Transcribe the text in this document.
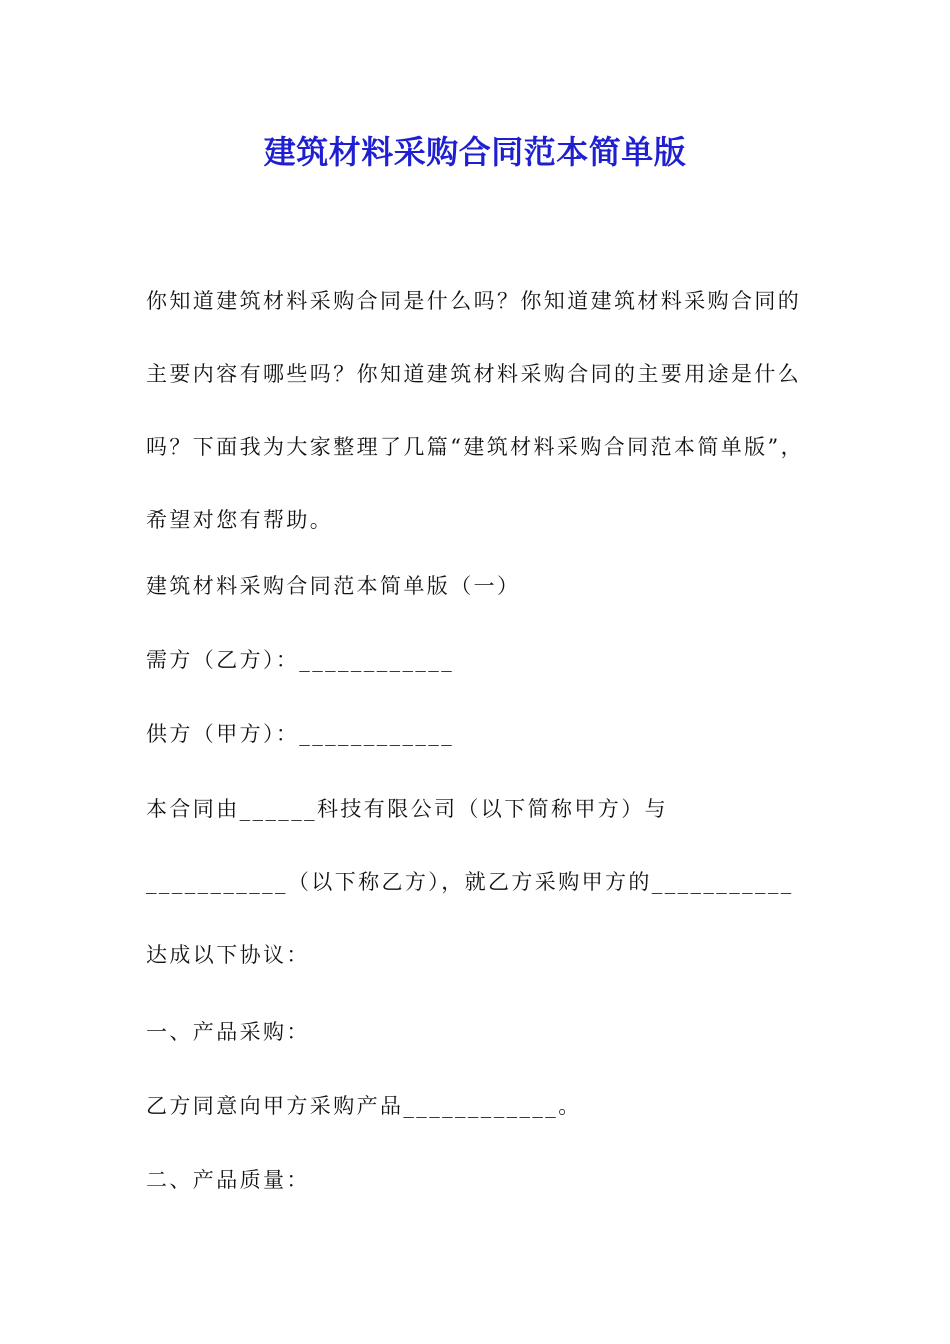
建筑材料采购合同范本简单版
你知道建筑材料采购合同是什么吗？你知道建筑材料采购合同的主要内容有哪些吗？你知道建筑材料采购合同的主要用途是什么吗？下面我为大家整理了几篇“建筑材料采购合同范本简单版”，希望对您有帮助。
建筑材料采购合同范本简单版（一）
需方（乙方）：____________
供方（甲方）：____________
本合同由______科技有限公司（以下简称甲方）与___________（以下称乙方），就乙方采购甲方的___________达成以下协议：
一、产品采购：
乙方同意向甲方采购产品____________。
二、产品质量：
